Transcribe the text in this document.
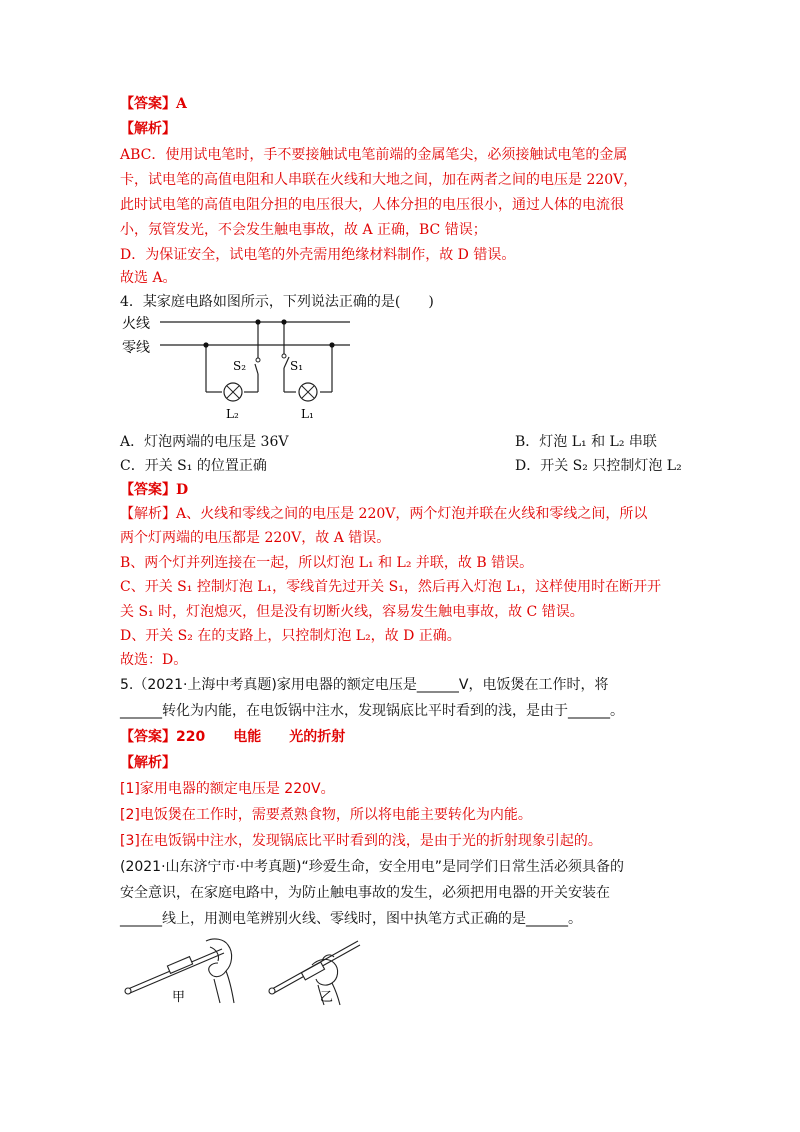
【答案】A
【解析】
ABC．使用试电笔时，手不要接触试电笔前端的金属笔尖，必须接触试电笔的金属
卡，试电笔的高值电阻和人串联在火线和大地之间，加在两者之间的电压是 220V，
此时试电笔的高值电阻分担的电压很大，人体分担的电压很小，通过人体的电流很
小，氖管发光，不会发生触电事故，故 A 正确，BC 错误；
D．为保证安全，试电笔的外壳需用绝缘材料制作，故 D 错误。
故选 A。
4．某家庭电路如图所示，下列说法正确的是(　　)
火线
零线
S₂	S₁
L₂	L₁
A．灯泡两端的电压是 36V	B．灯泡 L₁ 和 L₂ 串联
C．开关 S₁ 的位置正确	D．开关 S₂ 只控制灯泡 L₂
【答案】D
【解析】A、火线和零线之间的电压是 220V，两个灯泡并联在火线和零线之间，所以
两个灯两端的电压都是 220V，故 A 错误。
B、两个灯并列连接在一起，所以灯泡 L₁ 和 L₂ 并联，故 B 错误。
C、开关 S₁ 控制灯泡 L₁，零线首先过开关 S₁，然后再入灯泡 L₁，这样使用时在断开开
关 S₁ 时，灯泡熄灭，但是没有切断火线，容易发生触电事故，故 C 错误。
D、开关 S₂ 在的支路上，只控制灯泡 L₂，故 D 正确。
故选：D。
5.（2021·上海中考真题)家用电器的额定电压是______V，电饭煲在工作时，将
______转化为内能，在电饭锅中注水，发现锅底比平时看到的浅，是由于______。
【答案】220　　电能　　光的折射
【解析】
[1]家用电器的额定电压是 220V。
[2]电饭煲在工作时，需要煮熟食物，所以将电能主要转化为内能。
[3]在电饭锅中注水，发现锅底比平时看到的浅，是由于光的折射现象引起的。
(2021·山东济宁市·中考真题)“珍爱生命，安全用电”是同学们日常生活必须具备的
安全意识，在家庭电路中，为防止触电事故的发生，必须把用电器的开关安装在
______线上，用测电笔辨别火线、零线时，图中执笔方式正确的是______。
甲	乙
